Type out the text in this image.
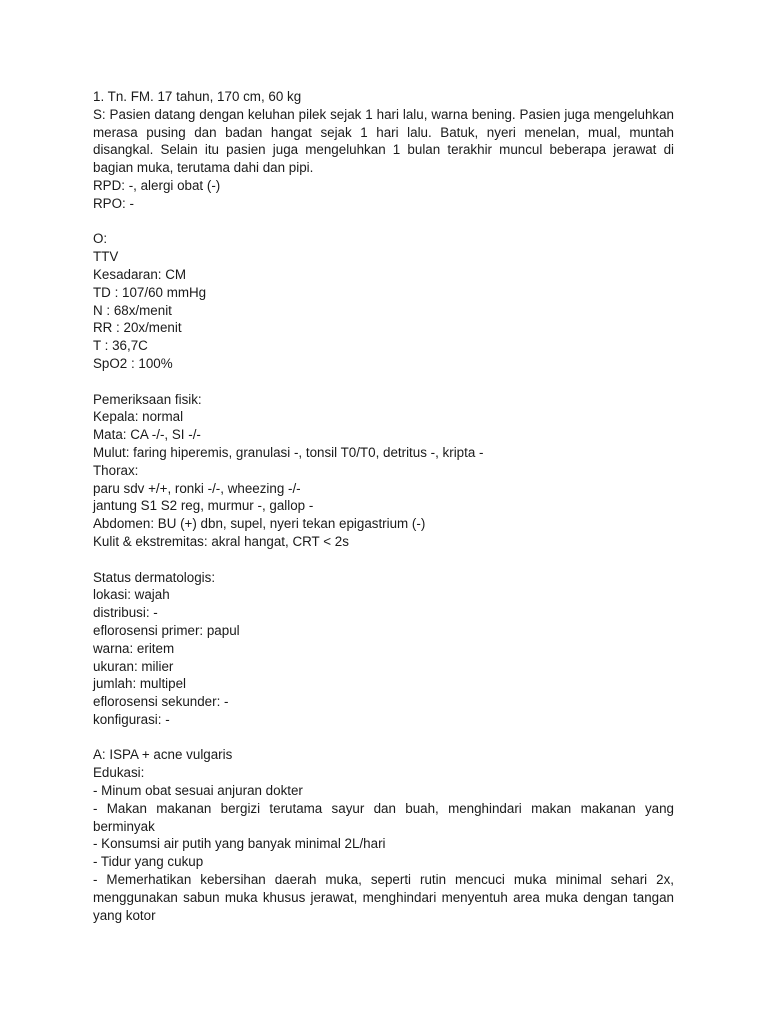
1. Tn. FM. 17 tahun, 170 cm, 60 kg
S: Pasien datang dengan keluhan pilek sejak 1 hari lalu, warna bening. Pasien juga mengeluhkan merasa pusing dan badan hangat sejak 1 hari lalu. Batuk, nyeri menelan, mual, muntah disangkal. Selain itu pasien juga mengeluhkan 1 bulan terakhir muncul beberapa jerawat di bagian muka, terutama dahi dan pipi.
RPD: -, alergi obat (-)
RPO: -
O:
TTV
Kesadaran: CM
TD : 107/60 mmHg
N : 68x/menit
RR : 20x/menit
T : 36,7C
SpO2 : 100%
Pemeriksaan fisik:
Kepala: normal
Mata: CA -/-, SI -/-
Mulut: faring hiperemis, granulasi -, tonsil T0/T0, detritus -, kripta -
Thorax:
paru sdv +/+, ronki -/-, wheezing -/-
jantung S1 S2 reg, murmur -, gallop -
Abdomen: BU (+) dbn, supel, nyeri tekan epigastrium (-)
Kulit & ekstremitas: akral hangat, CRT < 2s
Status dermatologis:
lokasi: wajah
distribusi: -
eflorosensi primer: papul
warna: eritem
ukuran: milier
jumlah: multipel
eflorosensi sekunder: -
konfigurasi: -
A: ISPA + acne vulgaris
Edukasi:
- Minum obat sesuai anjuran dokter
- Makan makanan bergizi terutama sayur dan buah, menghindari makan makanan yang berminyak
- Konsumsi air putih yang banyak minimal 2L/hari
- Tidur yang cukup
- Memerhatikan kebersihan daerah muka, seperti rutin mencuci muka minimal sehari 2x, menggunakan sabun muka khusus jerawat, menghindari menyentuh area muka dengan tangan yang kotor
